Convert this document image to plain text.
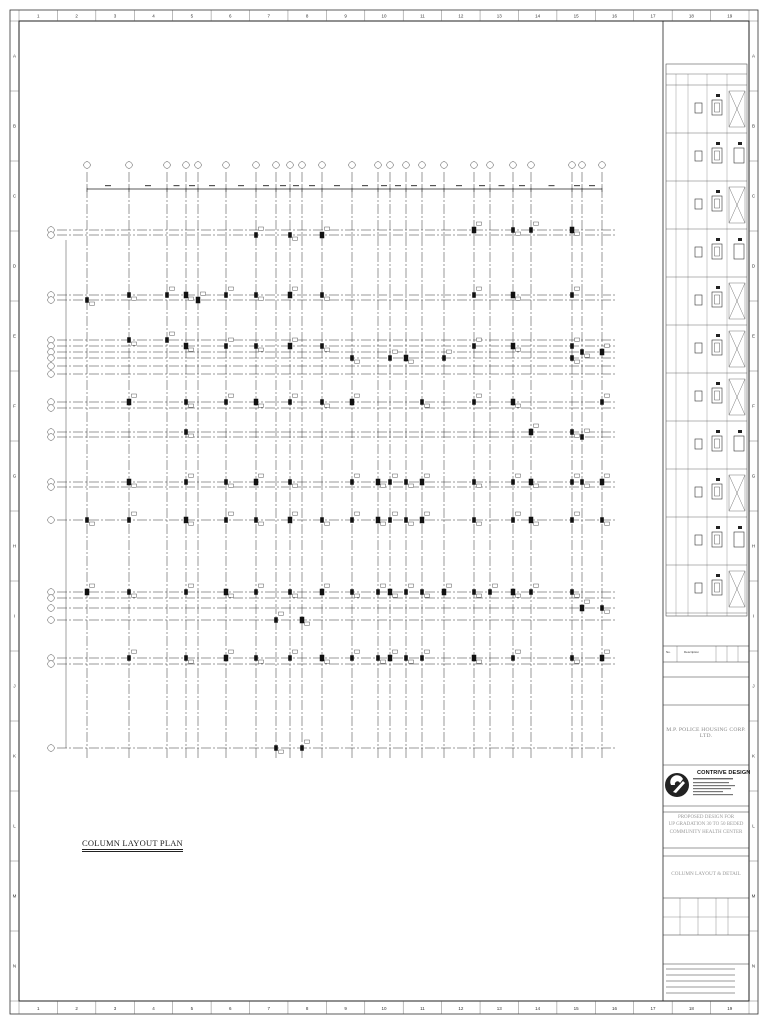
1
1
2
2
3
3
4
4
5
5
6
6
7
7
8
8
9
9
10
10
11
11
12
12
13
13
14
14
15
15
16
16
17
17
18
18
19
19
A	A
B	B
C	C
D	D
E	E
F	F
G	G
H	H
I	I
J	J
K	K
L	L
M	M
N	N
COLUMN LAYOUT PLAN
M.P. POLICE HOUSING CORP. LTD.
CONTRIVE DESIGN
PROPOSED DESIGN FOR
UP GRADATION 30 TO 50 BEDED
COMMUNITY HEALTH CENTER
COLUMN LAYOUT & DETAIL
No.	Description
